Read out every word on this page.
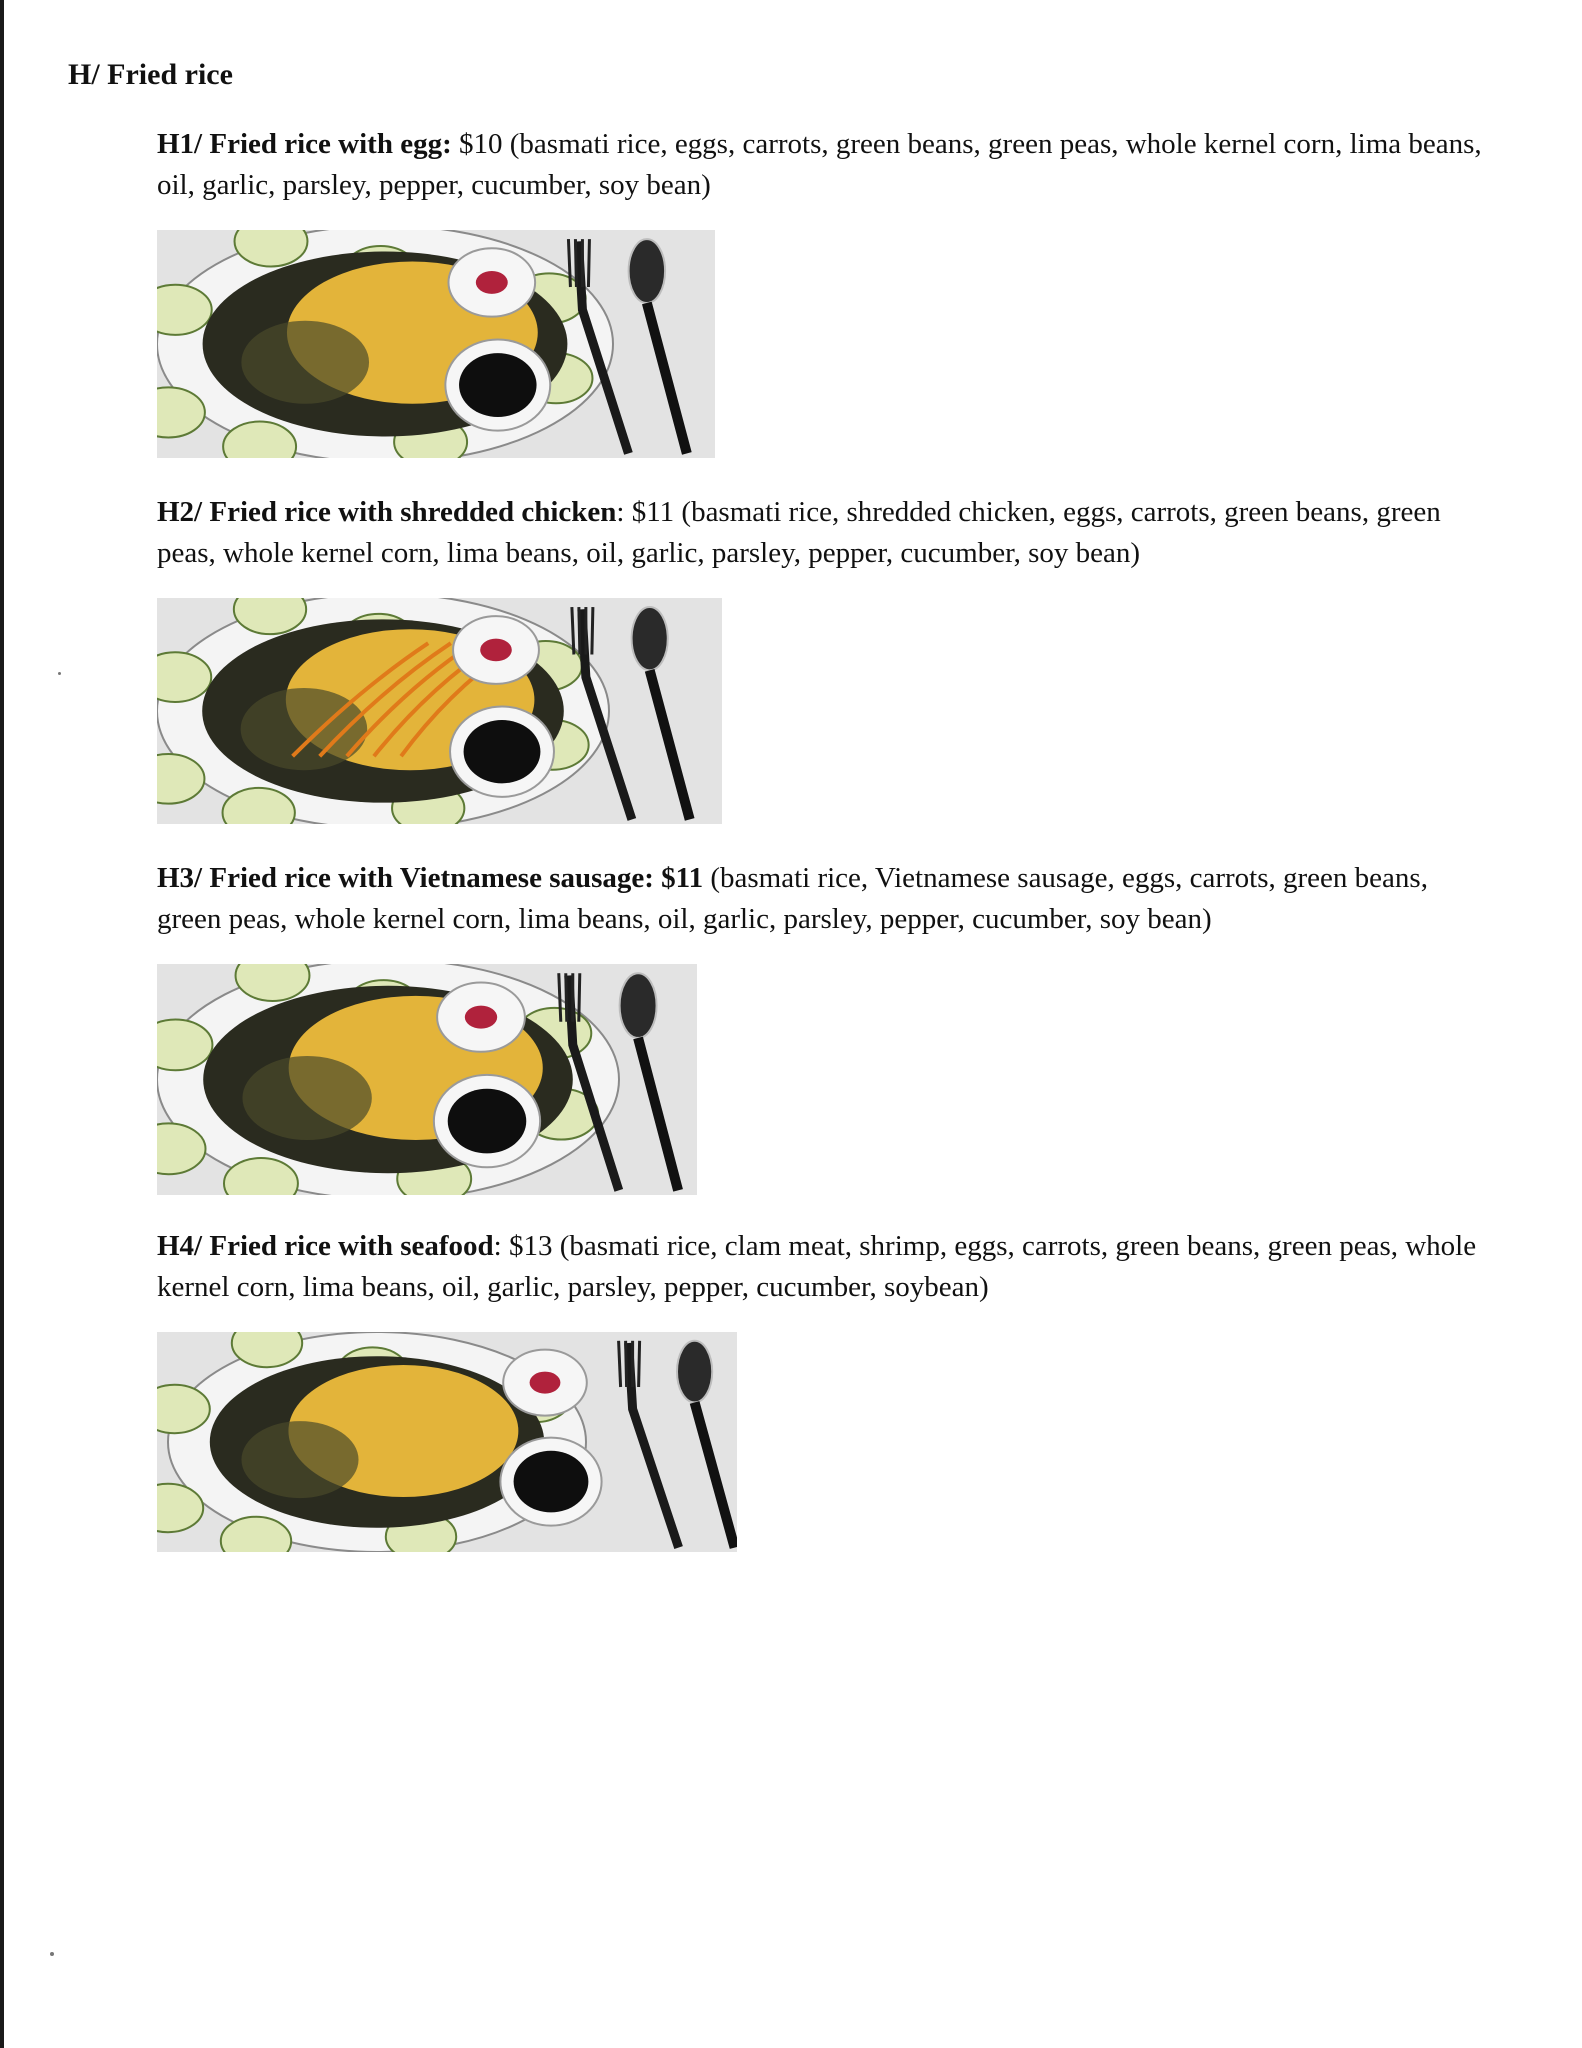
H/ Fried rice

H1/ Fried rice with egg: $10 (basmati rice, eggs, carrots, green beans, green peas, whole kernel corn, lima beans, oil, garlic, parsley, pepper, cucumber, soy bean)

H2/ Fried rice with shredded chicken: $11 (basmati rice, shredded chicken, eggs, carrots, green beans, green peas, whole kernel corn, lima beans, oil, garlic, parsley, pepper, cucumber, soy bean)

H3/ Fried rice with Vietnamese sausage: $11 (basmati rice, Vietnamese sausage, eggs, carrots, green beans, green peas, whole kernel corn, lima beans, oil, garlic, parsley, pepper, cucumber, soy bean)

H4/ Fried rice with seafood: $13 (basmati rice, clam meat, shrimp, eggs, carrots, green beans, green peas, whole kernel corn, lima beans, oil, garlic, parsley, pepper, cucumber, soybean)
